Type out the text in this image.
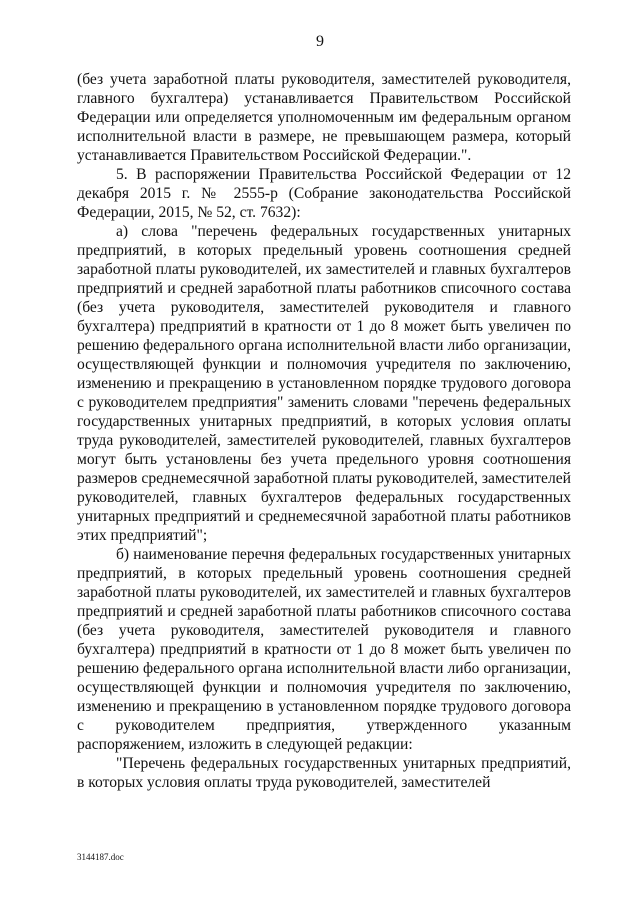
9

(без учета заработной платы руководителя, заместителей руководителя, главного бухгалтера) устанавливается Правительством Российской Федерации или определяется уполномоченным им федеральным органом исполнительной власти в размере, не превышающем размера, который устанавливается Правительством Российской Федерации.".

5. В распоряжении Правительства Российской Федерации от 12 декабря 2015 г. № 2555-р (Собрание законодательства Российской Федерации, 2015, № 52, ст. 7632):

а) слова "перечень федеральных государственных унитарных предприятий, в которых предельный уровень соотношения средней заработной платы руководителей, их заместителей и главных бухгалтеров предприятий и средней заработной платы работников списочного состава (без учета руководителя, заместителей руководителя и главного бухгалтера) предприятий в кратности от 1 до 8 может быть увеличен по решению федерального органа исполнительной власти либо организации, осуществляющей функции и полномочия учредителя по заключению, изменению и прекращению в установленном порядке трудового договора с руководителем предприятия" заменить словами "перечень федеральных государственных унитарных предприятий, в которых условия оплаты труда руководителей, заместителей руководителей, главных бухгалтеров могут быть установлены без учета предельного уровня соотношения размеров среднемесячной заработной платы руководителей, заместителей руководителей, главных бухгалтеров федеральных государственных унитарных предприятий и среднемесячной заработной платы работников этих предприятий";

б) наименование перечня федеральных государственных унитарных предприятий, в которых предельный уровень соотношения средней заработной платы руководителей, их заместителей и главных бухгалтеров предприятий и средней заработной платы работников списочного состава (без учета руководителя, заместителей руководителя и главного бухгалтера) предприятий в кратности от 1 до 8 может быть увеличен по решению федерального органа исполнительной власти либо организации, осуществляющей функции и полномочия учредителя по заключению, изменению и прекращению в установленном порядке трудового договора с руководителем предприятия, утвержденного указанным распоряжением, изложить в следующей редакции:

"Перечень федеральных государственных унитарных предприятий, в которых условия оплаты труда руководителей, заместителей

3144187.doc
